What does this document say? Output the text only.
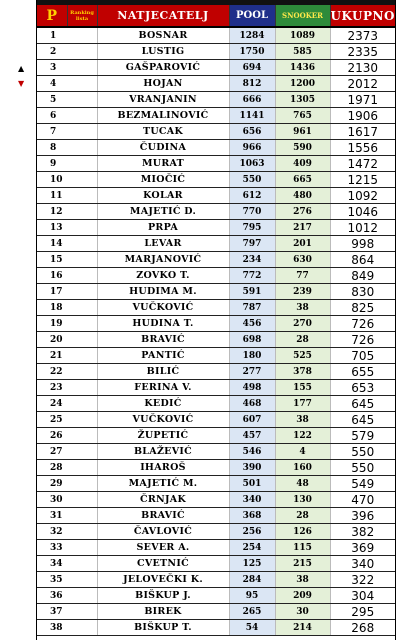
▲
▼
P	Ranking lista	NATJECATELJ	POOL	SNOOKER	UKUPNO
1		BOSNAR	1284	1089	2373
2		LUSTIG	1750	585	2335
3		GAŠPAROVIĆ	694	1436	2130
4		HOJAN	812	1200	2012
5		VRANJANIN	666	1305	1971
6		BEZMALINOVIĆ	1141	765	1906
7		TUCAK	656	961	1617
8		ČUDINA	966	590	1556
9		MURAT	1063	409	1472
10		MIOČIĆ	550	665	1215
11		KOLAR	612	480	1092
12		MAJETIĆ D.	770	276	1046
13		PRPA	795	217	1012
14		LEVAR	797	201	998
15		MARJANOVIĆ	234	630	864
16		ZOVKO T.	772	77	849
17		HUDIMA M.	591	239	830
18		VUČKOVIĆ	787	38	825
19		HUDINA T.	456	270	726
20		BRAVIĆ	698	28	726
21		PANTIĆ	180	525	705
22		BILIĆ	277	378	655
23		FERINA V.	498	155	653
24		KEDIĆ	468	177	645
25		VUČKOVIĆ	607	38	645
26		ŽUPETIĆ	457	122	579
27		BLAŽEVIĆ	546	4	550
28		IHAROŠ	390	160	550
29		MAJETIĆ M.	501	48	549
30		ČRNJAK	340	130	470
31		BRAVIĆ	368	28	396
32		ČAVLOVIĆ	256	126	382
33		SEVER A.	254	115	369
34		CVETNIĆ	125	215	340
35		JELOVEČKI K.	284	38	322
36		BIŠKUP J.	95	209	304
37		BIREK	265	30	295
38		BIŠKUP T.	54	214	268
